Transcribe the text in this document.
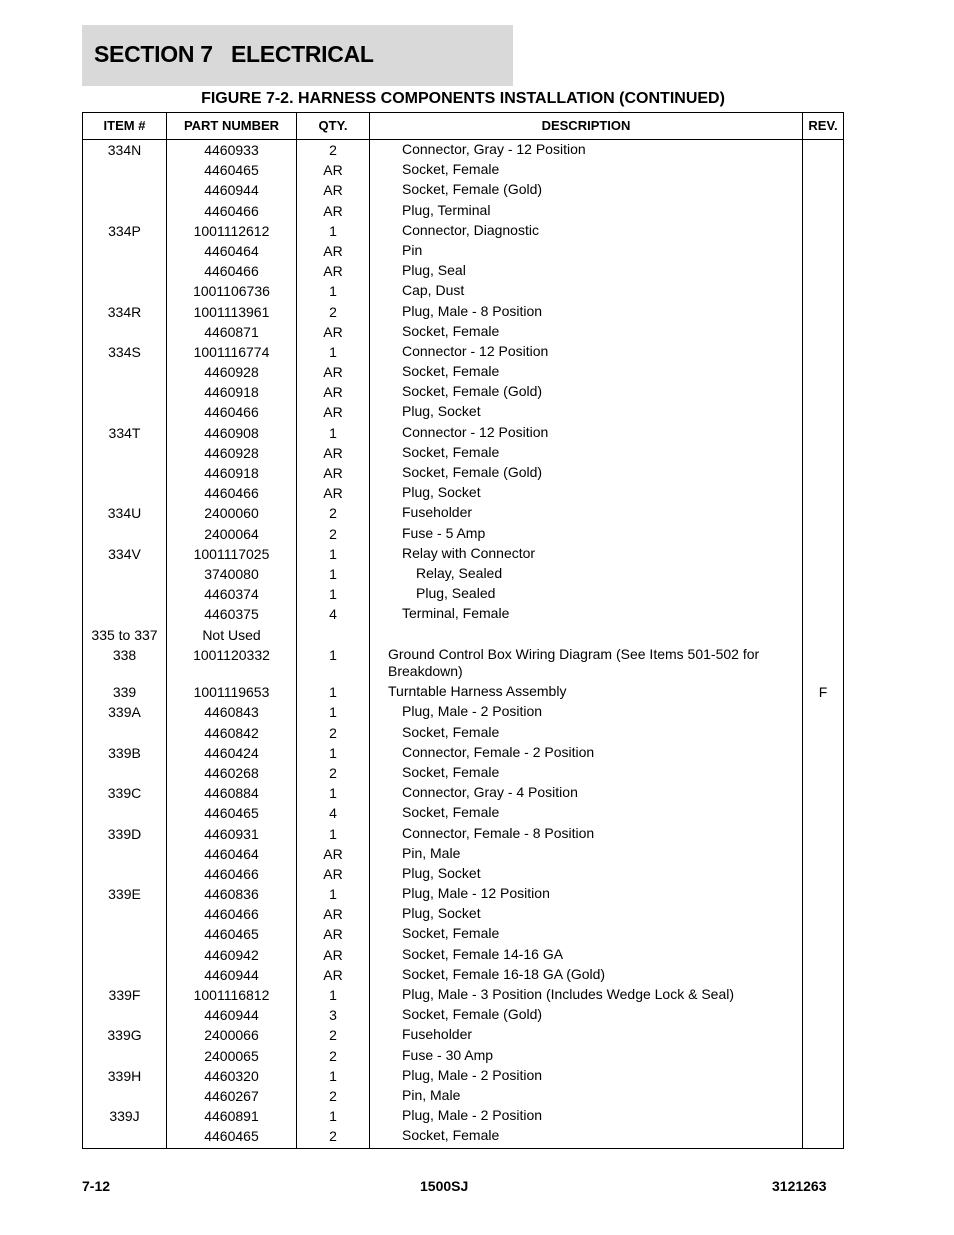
SECTION 7   ELECTRICAL
FIGURE 7-2. HARNESS COMPONENTS INSTALLATION (CONTINUED)
ITEM #	PART NUMBER	QTY.	DESCRIPTION	REV.
334N	4460933	2	Connector, Gray - 12 Position
4460465	AR	Socket, Female
4460944	AR	Socket, Female (Gold)
4460466	AR	Plug, Terminal
334P	1001112612	1	Connector, Diagnostic
4460464	AR	Pin
4460466	AR	Plug, Seal
1001106736	1	Cap, Dust
334R	1001113961	2	Plug, Male - 8 Position
4460871	AR	Socket, Female
334S	1001116774	1	Connector - 12 Position
4460928	AR	Socket, Female
4460918	AR	Socket, Female (Gold)
4460466	AR	Plug, Socket
334T	4460908	1	Connector - 12 Position
4460928	AR	Socket, Female
4460918	AR	Socket, Female (Gold)
4460466	AR	Plug, Socket
334U	2400060	2	Fuseholder
2400064	2	Fuse - 5 Amp
334V	1001117025	1	Relay with Connector
3740080	1	Relay, Sealed
4460374	1	Plug, Sealed
4460375	4	Terminal, Female
335 to 337	Not Used
338	1001120332	1	Ground Control Box Wiring Diagram (See Items 501-502 for Breakdown)
339	1001119653	1	Turntable Harness Assembly	F
339A	4460843	1	Plug, Male - 2 Position
4460842	2	Socket, Female
339B	4460424	1	Connector, Female - 2 Position
4460268	2	Socket, Female
339C	4460884	1	Connector, Gray - 4 Position
4460465	4	Socket, Female
339D	4460931	1	Connector, Female - 8 Position
4460464	AR	Pin, Male
4460466	AR	Plug, Socket
339E	4460836	1	Plug, Male - 12 Position
4460466	AR	Plug, Socket
4460465	AR	Socket, Female
4460942	AR	Socket, Female 14-16 GA
4460944	AR	Socket, Female 16-18 GA (Gold)
339F	1001116812	1	Plug, Male - 3 Position (Includes Wedge Lock & Seal)
4460944	3	Socket, Female (Gold)
339G	2400066	2	Fuseholder
2400065	2	Fuse - 30 Amp
339H	4460320	1	Plug, Male - 2 Position
4460267	2	Pin, Male
339J	4460891	1	Plug, Male - 2 Position
4460465	2	Socket, Female
7-12	1500SJ	3121263
